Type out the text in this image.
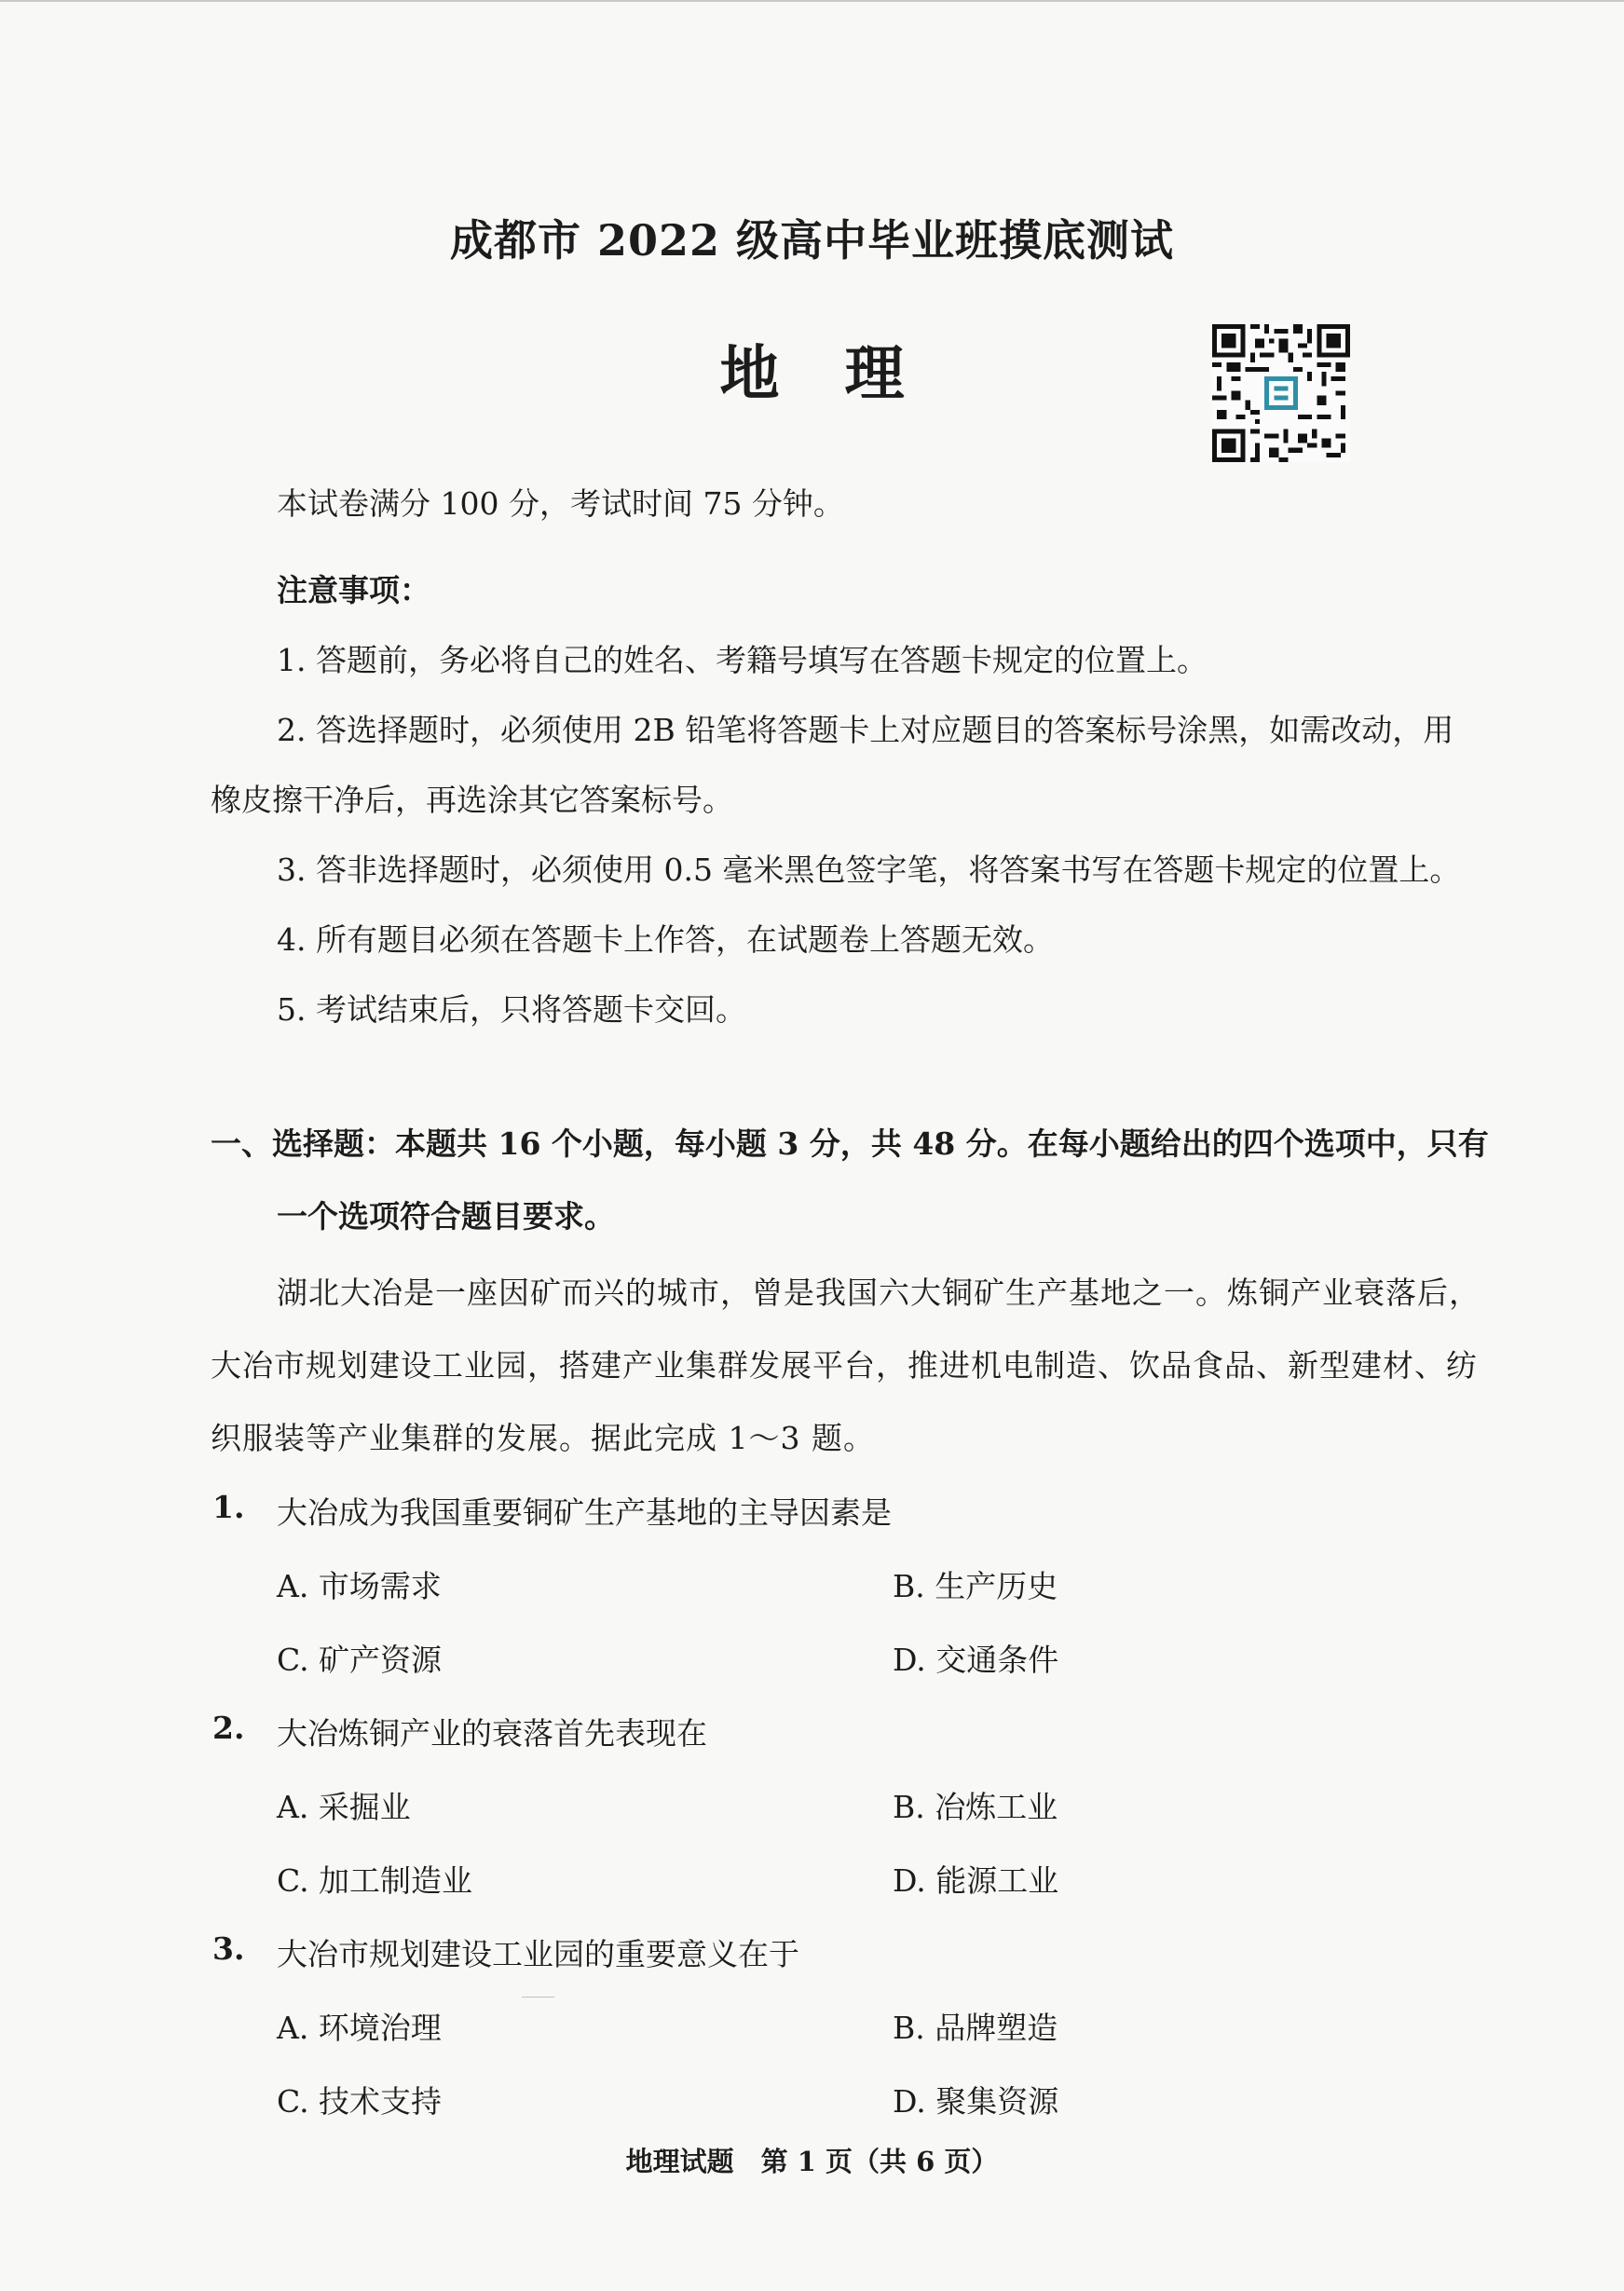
成都市 2022 级高中毕业班摸底测试
地理
本试卷满分 100 分，考试时间 75 分钟。
注意事项：
1. 答题前，务必将自己的姓名、考籍号填写在答题卡规定的位置上。
2. 答选择题时，必须使用 2B 铅笔将答题卡上对应题目的答案标号涂黑，如需改动，用
橡皮擦干净后，再选涂其它答案标号。
3. 答非选择题时，必须使用 0.5 毫米黑色签字笔，将答案书写在答题卡规定的位置上。
4. 所有题目必须在答题卡上作答，在试题卷上答题无效。
5. 考试结束后，只将答题卡交回。
一、选择题：本题共 16 个小题，每小题 3 分，共 48 分。在每小题给出的四个选项中，只有
一个选项符合题目要求。
湖北大冶是一座因矿而兴的城市，曾是我国六大铜矿生产基地之一。炼铜产业衰落后，
大冶市规划建设工业园，搭建产业集群发展平台，推进机电制造、饮品食品、新型建材、纺
织服装等产业集群的发展。据此完成 1～3 题。
1. 大冶成为我国重要铜矿生产基地的主导因素是
A. 市场需求	B. 生产历史
C. 矿产资源	D. 交通条件
2. 大冶炼铜产业的衰落首先表现在
A. 采掘业	B. 冶炼工业
C. 加工制造业	D. 能源工业
3. 大冶市规划建设工业园的重要意义在于
A. 环境治理	B. 品牌塑造
C. 技术支持	D. 聚集资源
地理试题　第 1 页（共 6 页）
